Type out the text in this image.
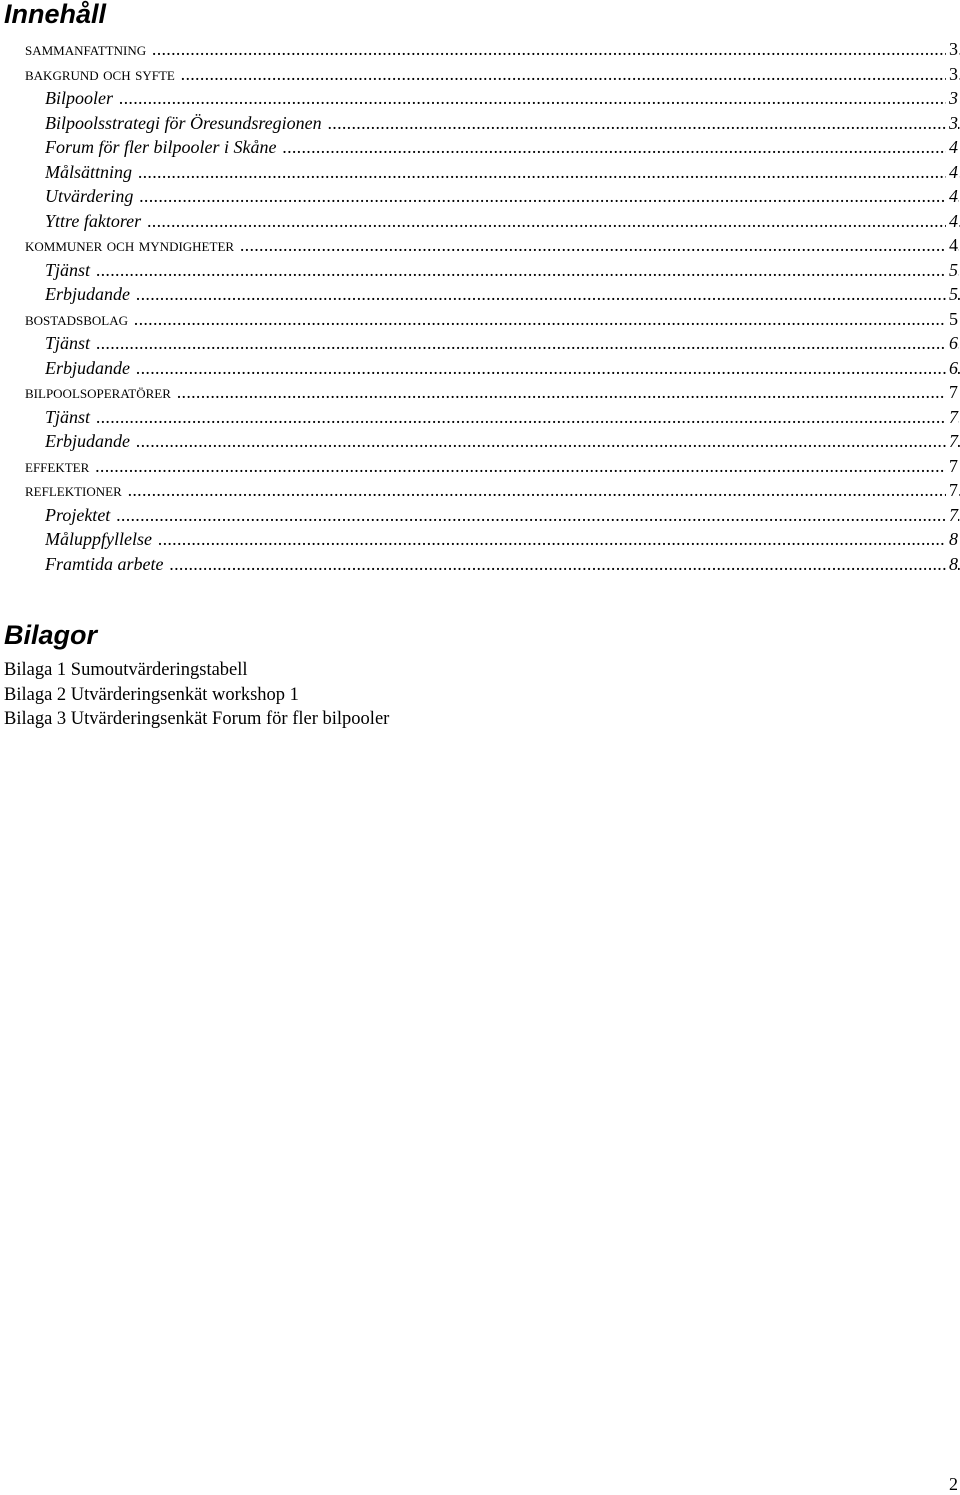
Innehåll
sammanfattning .....	3
bakgrund och syfte .....	3
Bilpooler .....	3
Bilpoolsstrategi för Öresundsregionen .....	3
Forum för fler bilpooler i Skåne .....	4
Målsättning .....	4
Utvärdering .....	4
Yttre faktorer .....	4
kommuner och myndigheter .....	4
Tjänst .....	5
Erbjudande .....	5
bostadsbolag .....	5
Tjänst .....	6
Erbjudande .....	6
bilpoolsoperatörer .....	7
Tjänst .....	7
Erbjudande .....	7
effekter .....	7
reflektioner .....	7
Projektet .....	7
Måluppfyllelse .....	8
Framtida arbete .....	8
Bilagor
Bilaga 1 Sumoutvärderingstabell
Bilaga 2 Utvärderingsenkät workshop 1
Bilaga 3 Utvärderingsenkät Forum för fler bilpooler
2
